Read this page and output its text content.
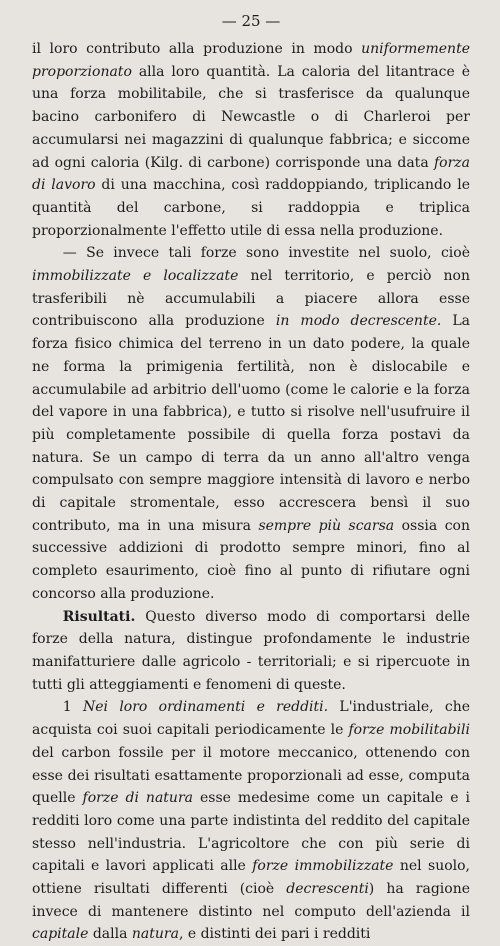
— 25 —

il loro contributo alla produzione in modo uniformemente proporzionato alla loro quantità. La caloria del litantrace è una forza mobilitabile, che si trasferisce da qualunque bacino carbonifero di Newcastle o di Charleroi per accumularsi nei magazzini di qualunque fabbrica; e siccome ad ogni caloria (Kilg. di carbone) corrisponde una data forza di lavoro di una macchina, così raddoppiando, triplicando le quantità del carbone, si raddoppia e triplica proporzionalmente l'effetto utile di essa nella produzione.

— Se invece tali forze sono investite nel suolo, cioè immobilizzate e localizzate nel territorio, e perciò non trasferibili nè accumulabili a piacere allora esse contribuiscono alla produzione in modo decrescente. La forza fisico chimica del terreno in un dato podere, la quale ne forma la primigenia fertilità, non è dislocabile e accumulabile ad arbitrio dell'uomo (come le calorie e la forza del vapore in una fabbrica), e tutto si risolve nell'usufruire il più completamente possibile di quella forza postavi da natura. Se un campo di terra da un anno all'altro venga compulsato con sempre maggiore intensità di lavoro e nerbo di capitale stromentale, esso accrescera bensì il suo contributo, ma in una misura sempre più scarsa ossia con successive addizioni di prodotto sempre minori, fino al completo esaurimento, cioè fino al punto di rifiutare ogni concorso alla produzione.

Risultati. Questo diverso modo di comportarsi delle forze della natura, distingue profondamente le industrie manifatturiere dalle agricolo - territoriali; e si ripercuote in tutti gli atteggiamenti e fenomeni di queste.

1 Nei loro ordinamenti e redditi. L'industriale, che acquista coi suoi capitali periodicamente le forze mobilitabili del carbon fossile per il motore meccanico, ottenendo con esse dei risultati esattamente proporzionali ad esse, computa quelle forze di natura esse medesime come un capitale e i redditi loro come una parte indistinta del reddito del capitale stesso nell'industria. L'agricoltore che con più serie di capitali e lavori applicati alle forze immobilizzate nel suolo, ottiene risultati differenti (cioè decrescenti) ha ragione invece di mantenere distinto nel computo dell'azienda il capitale dalla natura, e distinti dei pari i redditi
